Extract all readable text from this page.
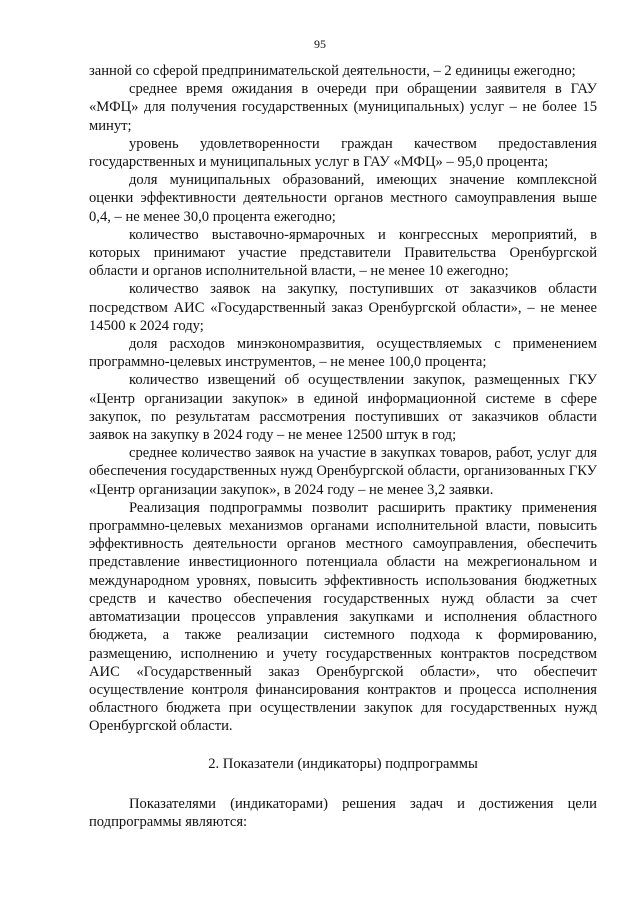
95

занной со сферой предпринимательской деятельности, – 2 единицы ежегодно;

среднее время ожидания в очереди при обращении заявителя в ГАУ «МФЦ» для получения государственных (муниципальных) услуг – не более 15 минут;

уровень удовлетворенности граждан качеством предоставления государственных и муниципальных услуг в ГАУ «МФЦ» – 95,0 процента;

доля муниципальных образований, имеющих значение комплексной оценки эффективности деятельности органов местного самоуправления выше 0,4, – не менее 30,0 процента ежегодно;

количество выставочно-ярмарочных и конгрессных мероприятий, в которых принимают участие представители Правительства Оренбургской области и органов исполнительной власти, – не менее 10 ежегодно;

количество заявок на закупку, поступивших от заказчиков области посредством АИС «Государственный заказ Оренбургской области», – не менее 14500 к 2024 году;

доля расходов минэкономразвития, осуществляемых с применением программно-целевых инструментов, – не менее 100,0 процента;

количество извещений об осуществлении закупок, размещенных ГКУ «Центр организации закупок» в единой информационной системе в сфере закупок, по результатам рассмотрения поступивших от заказчиков области заявок на закупку в 2024 году – не менее 12500 штук в год;

среднее количество заявок на участие в закупках товаров, работ, услуг для обеспечения государственных нужд Оренбургской области, организованных ГКУ «Центр организации закупок», в 2024 году – не менее 3,2 заявки.

Реализация подпрограммы позволит расширить практику применения программно-целевых механизмов органами исполнительной власти, повысить эффективность деятельности органов местного самоуправления, обеспечить представление инвестиционного потенциала области на межрегиональном и международном уровнях, повысить эффективность использования бюджетных средств и качество обеспечения государственных нужд области за счет автоматизации процессов управления закупками и исполнения областного бюджета, а также реализации системного подхода к формированию, размещению, исполнению и учету государственных контрактов посредством АИС «Государственный заказ Оренбургской области», что обеспечит осуществление контроля финансирования контрактов и процесса исполнения областного бюджета при осуществлении закупок для государственных нужд Оренбургской области.

2. Показатели (индикаторы) подпрограммы

Показателями (индикаторами) решения задач и достижения цели подпрограммы являются:
